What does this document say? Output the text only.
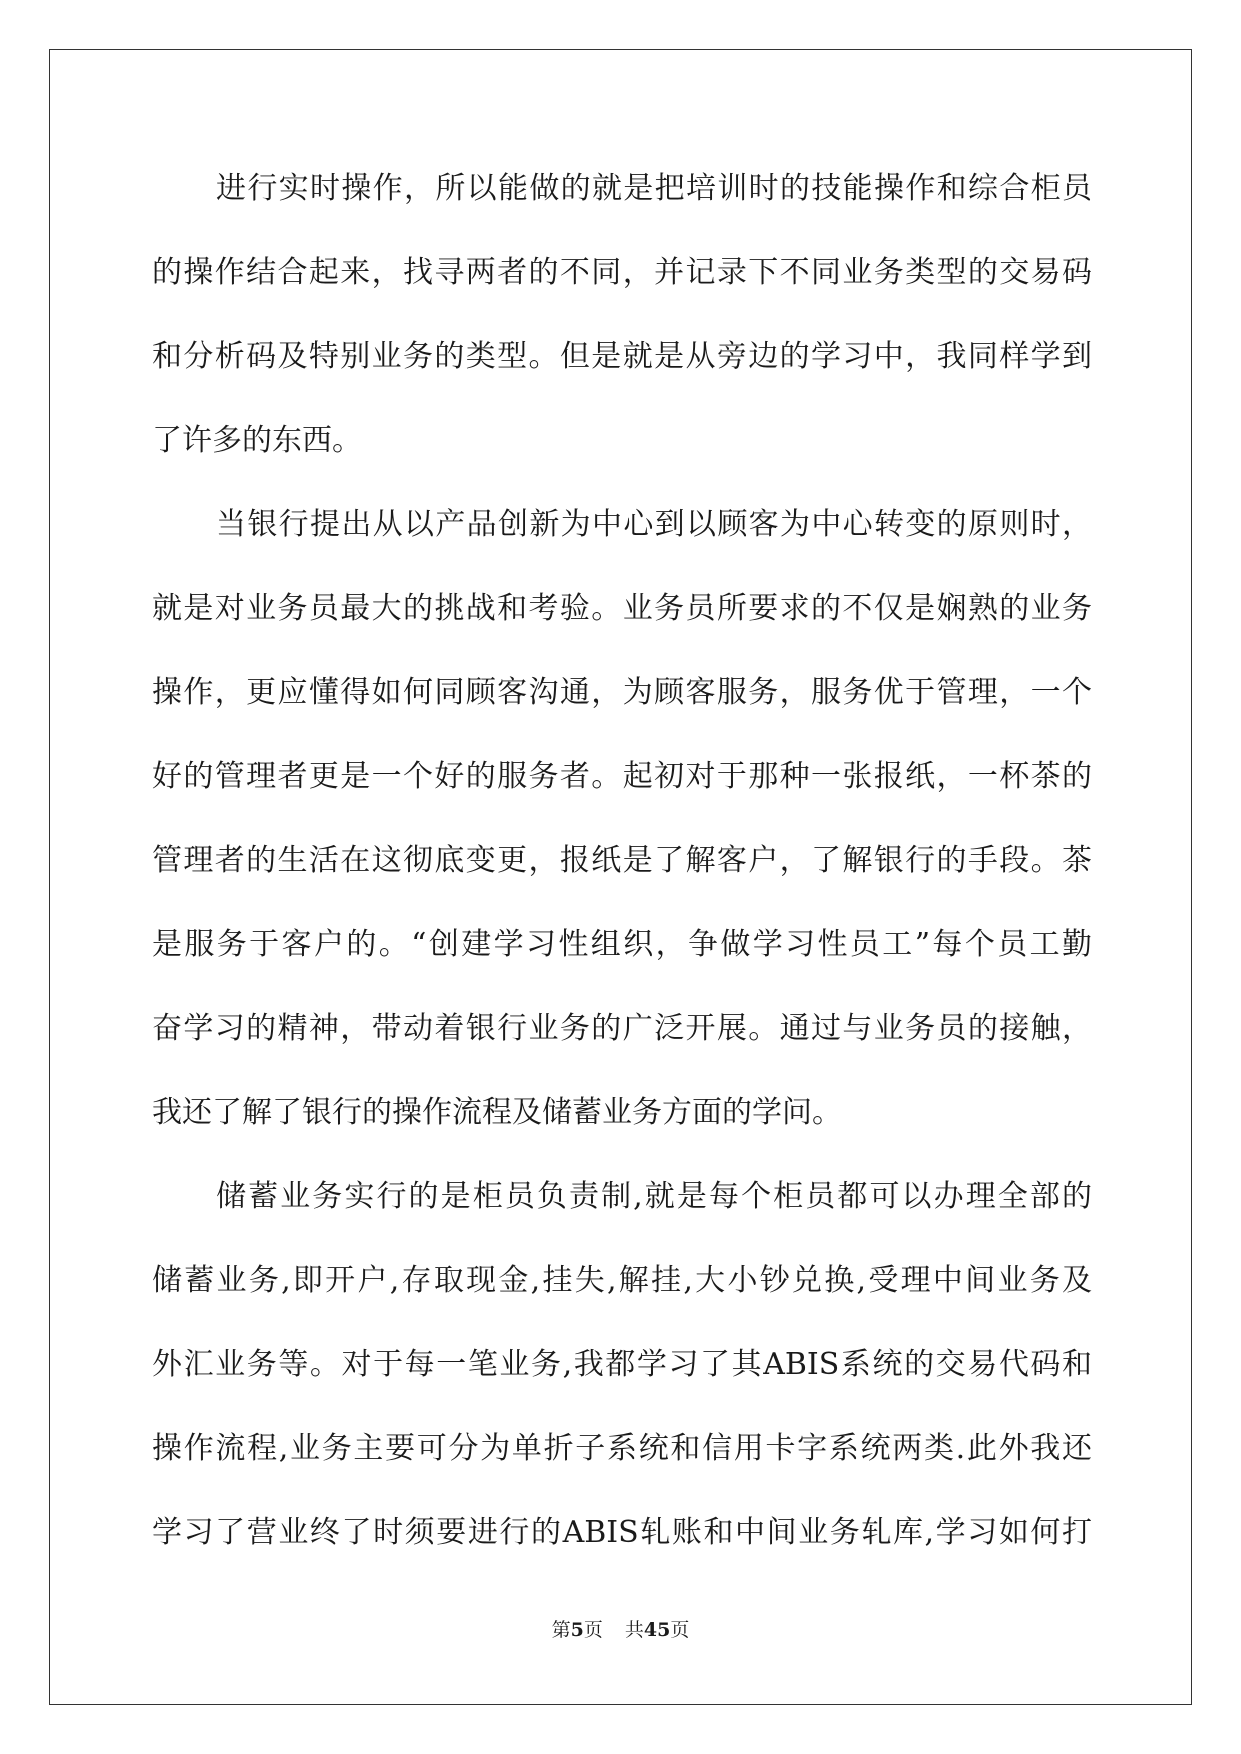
进行实时操作，所以能做的就是把培训时的技能操作和综合柜员
的操作结合起来，找寻两者的不同，并记录下不同业务类型的交易码
和分析码及特别业务的类型。但是就是从旁边的学习中，我同样学到
了许多的东西。
当银行提出从以产品创新为中心到以顾客为中心转变的原则时，
就是对业务员最大的挑战和考验。业务员所要求的不仅是娴熟的业务
操作，更应懂得如何同顾客沟通，为顾客服务，服务优于管理，一个
好的管理者更是一个好的服务者。起初对于那种一张报纸，一杯茶的
管理者的生活在这彻底变更，报纸是了解客户，了解银行的手段。茶
是服务于客户的。“创建学习性组织，争做学习性员工”每个员工勤
奋学习的精神，带动着银行业务的广泛开展。通过与业务员的接触，
我还了解了银行的操作流程及储蓄业务方面的学问。
储蓄业务实行的是柜员负责制,就是每个柜员都可以办理全部的
储蓄业务,即开户,存取现金,挂失,解挂,大小钞兑换,受理中间业务及
外汇业务等。对于每一笔业务,我都学习了其ABIS系统的交易代码和
操作流程,业务主要可分为单折子系统和信用卡字系统两类.此外我还
学习了营业终了时须要进行的ABIS轧账和中间业务轧库,学习如何打
第5页 共45页
